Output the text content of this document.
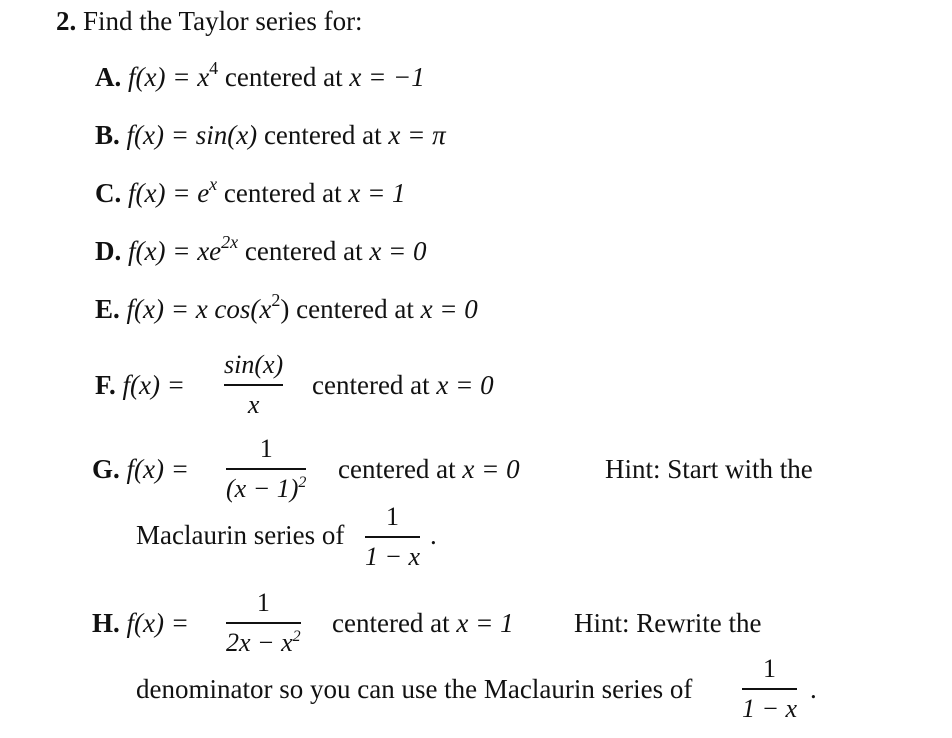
2. Find the Taylor series for:
A. $f(x) = x^4$ centered at x = −1
B. f(x) = sin(x) centered at x = π
C. $f(x) = e^x$ centered at x = 1
D. $f(x) = xe^{2x}$ centered at x = 0
E. f(x) = x $\cos(x^2)$ centered at x = 0
F. f(x) =
sin(x)
x
centered at x = 0
G. f(x) =
1
$(x - 1)^2$ centered at x = 0	Hint: Start with the
Maclaurin series of
1
1 − x
.
H. f(x) =
1
$2x - x^2$ centered at x = 1 Hint: Rewrite the
denominator so you can use the Maclaurin series of
1
1 − x
.
